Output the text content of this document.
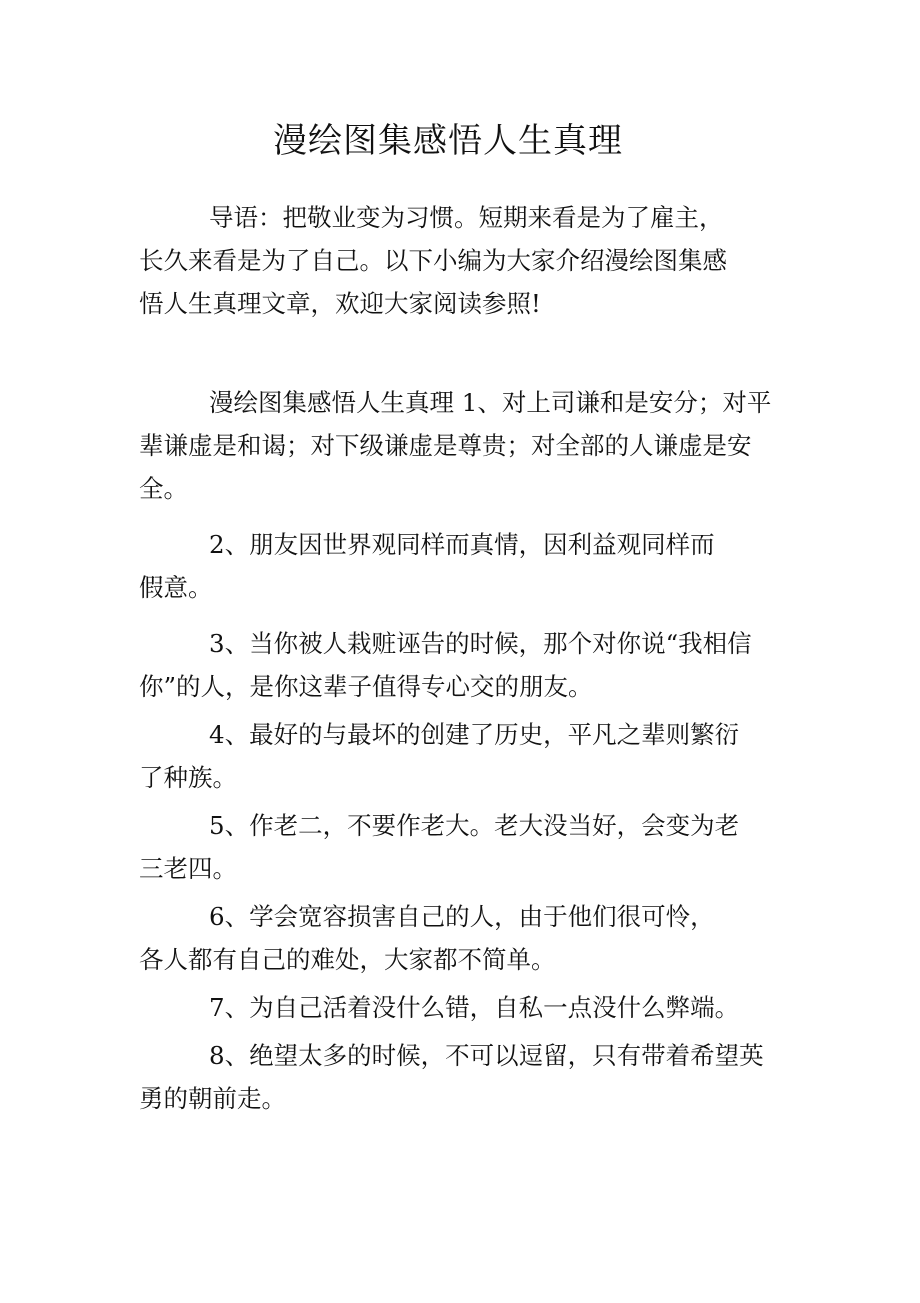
漫绘图集感悟人生真理

导语：把敬业变为习惯。短期来看是为了雇主，长久来看是为了自己。以下小编为大家介绍漫绘图集感悟人生真理文章，欢迎大家阅读参照!

漫绘图集感悟人生真理 1、对上司谦和是安分；对平辈谦虚是和谒；对下级谦虚是尊贵；对全部的人谦虚是安全。

2、朋友因世界观同样而真情，因利益观同样而假意。

3、当你被人栽赃诬告的时候，那个对你说“我相信你”的人，是你这辈子值得专心交的朋友。

4、最好的与最坏的创建了历史，平凡之辈则繁衍了种族。

5、作老二，不要作老大。老大没当好，会变为老三老四。

6、学会宽容损害自己的人，由于他们很可怜，各人都有自己的难处，大家都不简单。

7、为自己活着没什么错，自私一点没什么弊端。

8、绝望太多的时候，不可以逗留，只有带着希望英勇的朝前走。
